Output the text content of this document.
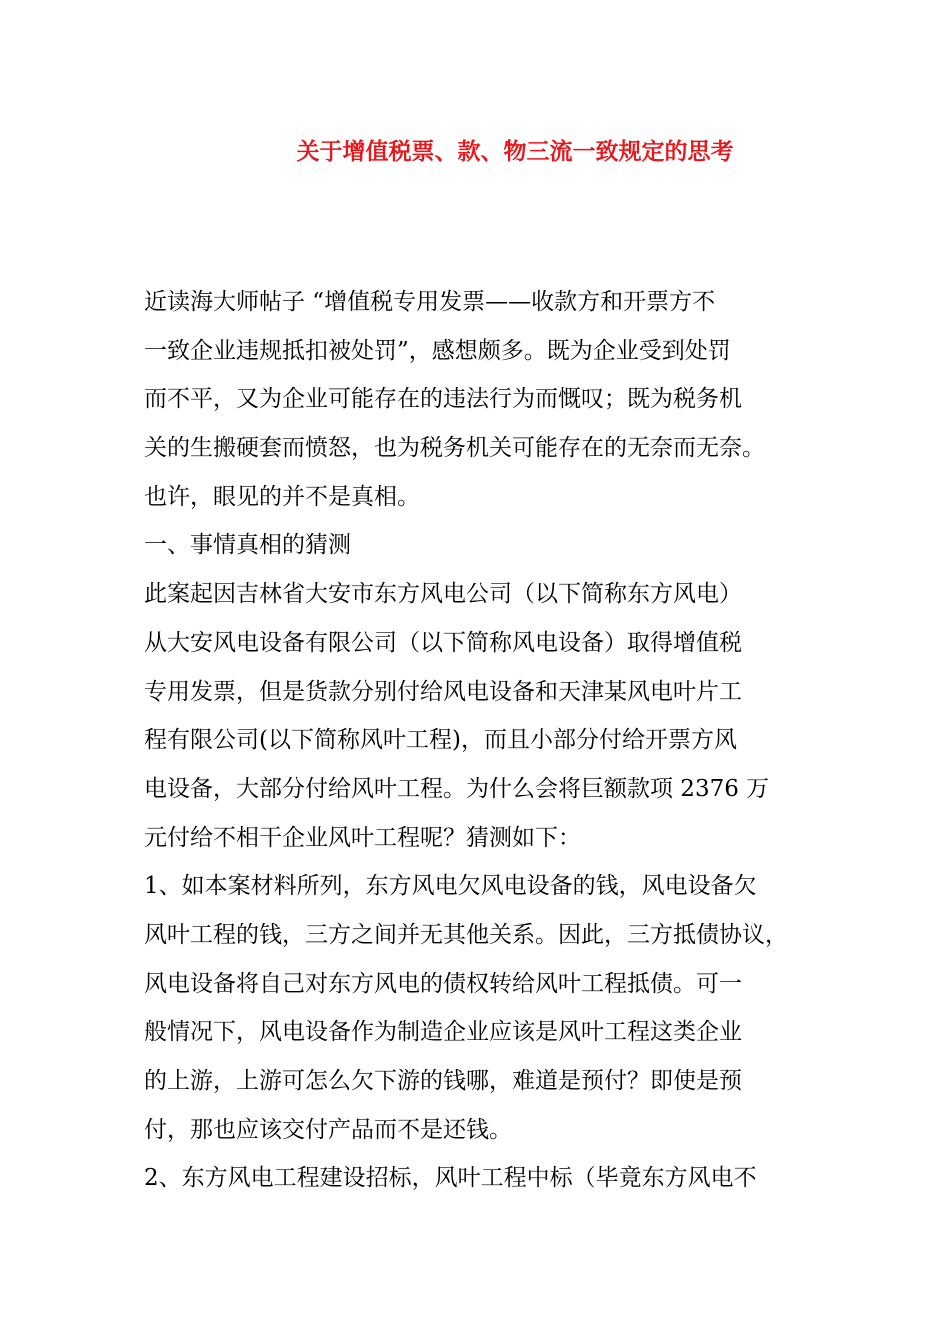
关于增值税票、款、物三流一致规定的思考
近读海大师帖子 “增值税专用发票——收款方和开票方不
一致企业违规抵扣被处罚”，感想颇多。既为企业受到处罚
而不平，又为企业可能存在的违法行为而慨叹；既为税务机
关的生搬硬套而愤怒，也为税务机关可能存在的无奈而无奈。
也许，眼见的并不是真相。
一、事情真相的猜测
此案起因吉林省大安市东方风电公司（以下简称东方风电）
从大安风电设备有限公司（以下简称风电设备）取得增值税
专用发票，但是货款分别付给风电设备和天津某风电叶片工
程有限公司(以下简称风叶工程)，而且小部分付给开票方风
电设备，大部分付给风叶工程。为什么会将巨额款项 2376 万
元付给不相干企业风叶工程呢？猜测如下：
1、如本案材料所列，东方风电欠风电设备的钱，风电设备欠
风叶工程的钱，三方之间并无其他关系。因此，三方抵债协议，
风电设备将自己对东方风电的债权转给风叶工程抵债。可一
般情况下，风电设备作为制造企业应该是风叶工程这类企业
的上游，上游可怎么欠下游的钱哪，难道是预付？即使是预
付，那也应该交付产品而不是还钱。
2、东方风电工程建设招标，风叶工程中标（毕竟东方风电不
